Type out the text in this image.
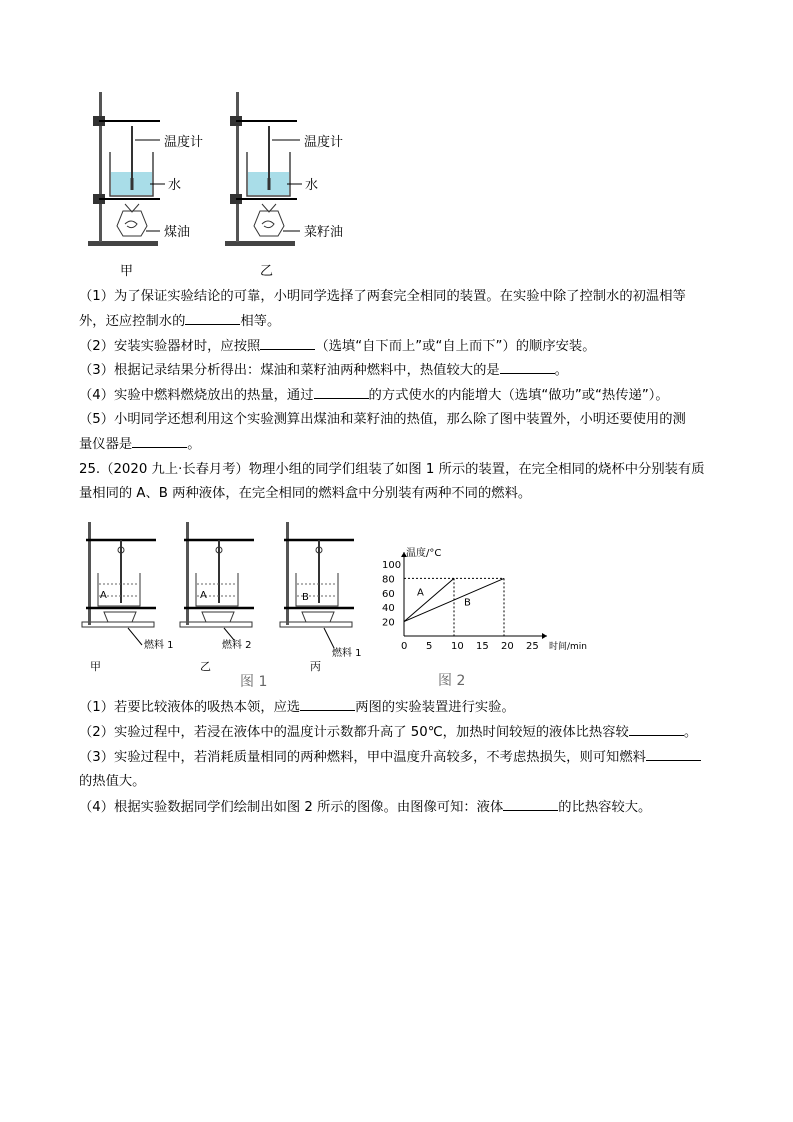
温度计
水
煤油
甲
温度计
水
菜籽油
乙
（1）为了保证实验结论的可靠，小明同学选择了两套完全相同的装置。在实验中除了控制水的初温相等
外，还应控制水的	相等。
（2）安装实验器材时，应按照	（选填“自下而上”或“自上而下”）的顺序安装。
（3）根据记录结果分析得出：煤油和菜籽油两种燃料中，热值较大的是	。
（4）实验中燃料燃烧放出的热量，通过	的方式使水的内能增大（选填“做功”或“热传递”）。
（5）小明同学还想利用这个实验测算出煤油和菜籽油的热值，那么除了图中装置外，小明还要使用的测
量仪器是	。
25.（2020 九上·长春月考）物理小组的同学们组装了如图 1 所示的装置，在完全相同的烧杯中分别装有质
量相同的 A、B 两种液体，在完全相同的燃料盒中分别装有两种不同的燃料。
A
燃料 1
甲
A
燃料 2
乙
B
燃料 1
丙
图 1
温度/°C
时间/min
0 5 10 15 20 25
20
40
60
80
100
A
B
图 2
（1）若要比较液体的吸热本领，应选	两图的实验装置进行实验。
（2）实验过程中，若浸在液体中的温度计示数都升高了 50℃，加热时间较短的液体比热容较	。
（3）实验过程中，若消耗质量相同的两种燃料，甲中温度升高较多，不考虑热损失，则可知燃料
的热值大。
（4）根据实验数据同学们绘制出如图 2 所示的图像。由图像可知：液体	的比热容较大。
